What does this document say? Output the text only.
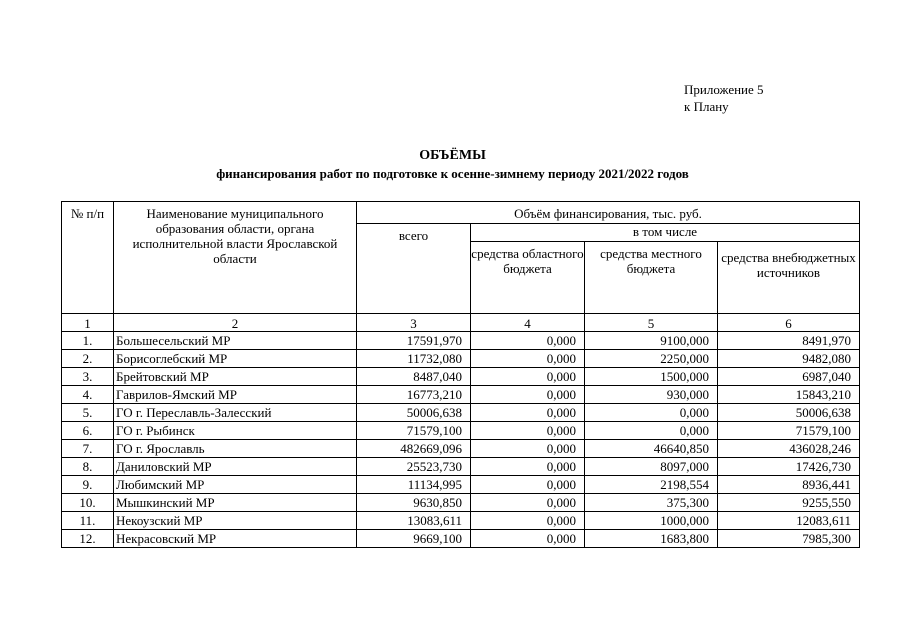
Приложение 5
к Плану
ОБЪЁМЫ
финансирования работ по подготовке к осенне-зимнему периоду 2021/2022 годов
№ п/п	Наименование муниципального образования области, органа исполнительной власти Ярославской области	Объём финансирования, тыс. руб.			
		всего	в том числе		
			средства областного бюджета	средства местного бюджета	средства внебюджетных источников
1	2	3	4	5	6
1.	Большесельский МР	17591,970	0,000	9100,000	8491,970
2.	Борисоглебский МР	11732,080	0,000	2250,000	9482,080
3.	Брейтовский МР	8487,040	0,000	1500,000	6987,040
4.	Гаврилов-Ямский МР	16773,210	0,000	930,000	15843,210
5.	ГО г. Переславль-Залесский	50006,638	0,000	0,000	50006,638
6.	ГО г. Рыбинск	71579,100	0,000	0,000	71579,100
7.	ГО г. Ярославль	482669,096	0,000	46640,850	436028,246
8.	Даниловский МР	25523,730	0,000	8097,000	17426,730
9.	Любимский МР	11134,995	0,000	2198,554	8936,441
10.	Мышкинский МР	9630,850	0,000	375,300	9255,550
11.	Некоузский МР	13083,611	0,000	1000,000	12083,611
12.	Некрасовский МР	9669,100	0,000	1683,800	7985,300
